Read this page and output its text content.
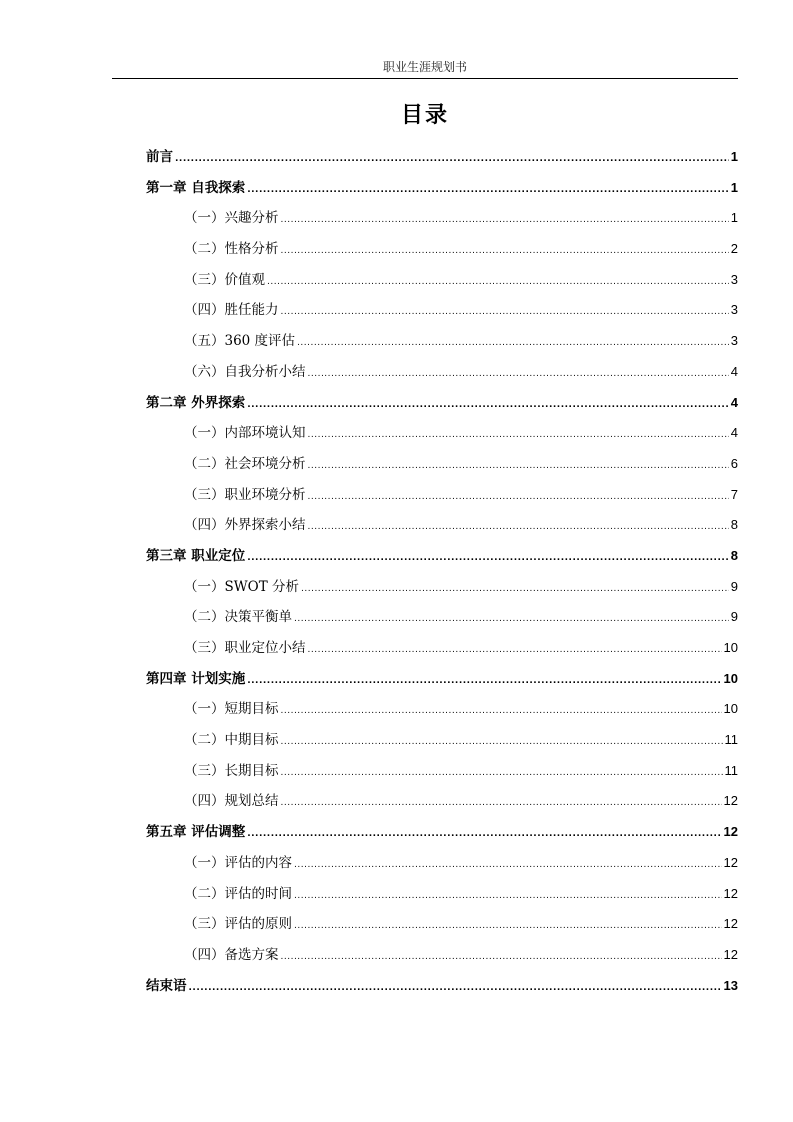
职业生涯规划书
目录
前言 .....	1
第一章 自我探索 .....	1
（一）兴趣分析 .....	1
（二）性格分析 .....	2
（三）价值观 .....	3
（四）胜任能力 .....	3
（五）360 度评估 .....	3
（六）自我分析小结 .....	4
第二章 外界探索 .....	4
（一）内部环境认知 .....	4
（二）社会环境分析 .....	6
（三）职业环境分析 .....	7
（四）外界探索小结 .....	8
第三章 职业定位 .....	8
（一）SWOT 分析 .....	9
（二）决策平衡单 .....	9
（三）职业定位小结 .....	10
第四章 计划实施 .....	10
（一）短期目标 .....	10
（二）中期目标 .....	11
（三）长期目标 .....	11
（四）规划总结 .....	12
第五章 评估调整 .....	12
（一）评估的内容 .....	12
（二）评估的时间 .....	12
（三）评估的原则 .....	12
（四）备选方案 .....	12
结束语 .....	13
